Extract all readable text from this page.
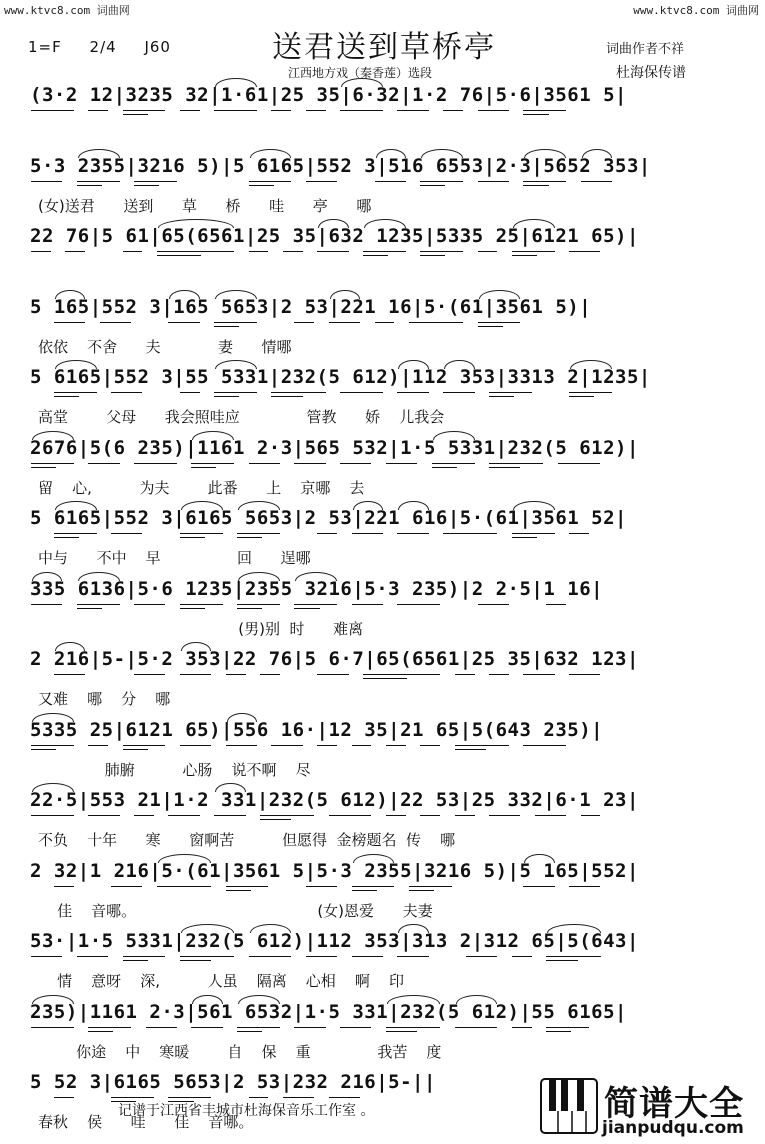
www.ktvc8.com 词曲网	www.ktvc8.com 词曲网
1=F 2/4 J60	送君送到草桥亭
江西地方戏（秦香莲）选段
词曲作者不祥
杜海保传谱
(3·2 12|3235 32|1·61|25 35|6·32|1·2 76|5·6|3561 5|
5·3 2355|3216 5)|5 6165|552 3|516 6553|2·3|5652 353|
(女)送君      送到      草      桥      哇      亭      哪
22 76|5 61|65(6561|25 35|632 1235|5335 25|6121 65)|
5 165|552 3|165 5653|2 53|221 16|5·(61|3561 5)|
依依    不舍      夫            妻      情哪
5 6165|552 3|55 5331|232(5 612)|112 353|3313 2|1235|
高堂        父母      我会照哇应              管教      娇    儿我会
2676|5(6 235)|1161 2·3|565 532|1·5 5331|232(5 612)|
留    心,          为夫        此番      上    京哪    去
5 6165|552 3|6165 5653|2 53|221 616|5·(61|3561 52|
中与      不中    早                回      逞哪
335 6136|5·6 1235|2355 3216|5·3 235)|2 2·5|1 16|
(男)别  时      难离
2 216|5-|5·2 353|22 76|5 6·7|65(6561|25 35|632 123|
又难    哪    分    哪
5335 25|6121 65)|556 16·|12 35|21 65|5(643 235)|
肺腑          心肠    说不啊    尽
22·5|553 21|1·2 331|232(5 612)|22 53|25 332|6·1 23|
不负    十年      寒      窗啊苦          但愿得  金榜题名  传    哪
2 32|1 216|5·(61|3561 5|5·3 2355|3216 5)|5 165|552|
佳    音哪。                                      (女)恩爱      夫妻
53·|1·5 5331|232(5 612)|112 353|313 2|312 65|5(643|
情    意呀    深,          人虽    隔离    心相    啊    印
235)|1161 2·3|561 6532|1·5 331|232(5 612)|55 6165|
你途    中    寒暖        自    保    重              我苦    度
5 52 3|6165 5653|2 53|232 216|5-||
春秋    侯      哇      佳    音哪。
记谱于江西省丰城市杜海保音乐工作室 。	简谱大全
jianpudqu.com
